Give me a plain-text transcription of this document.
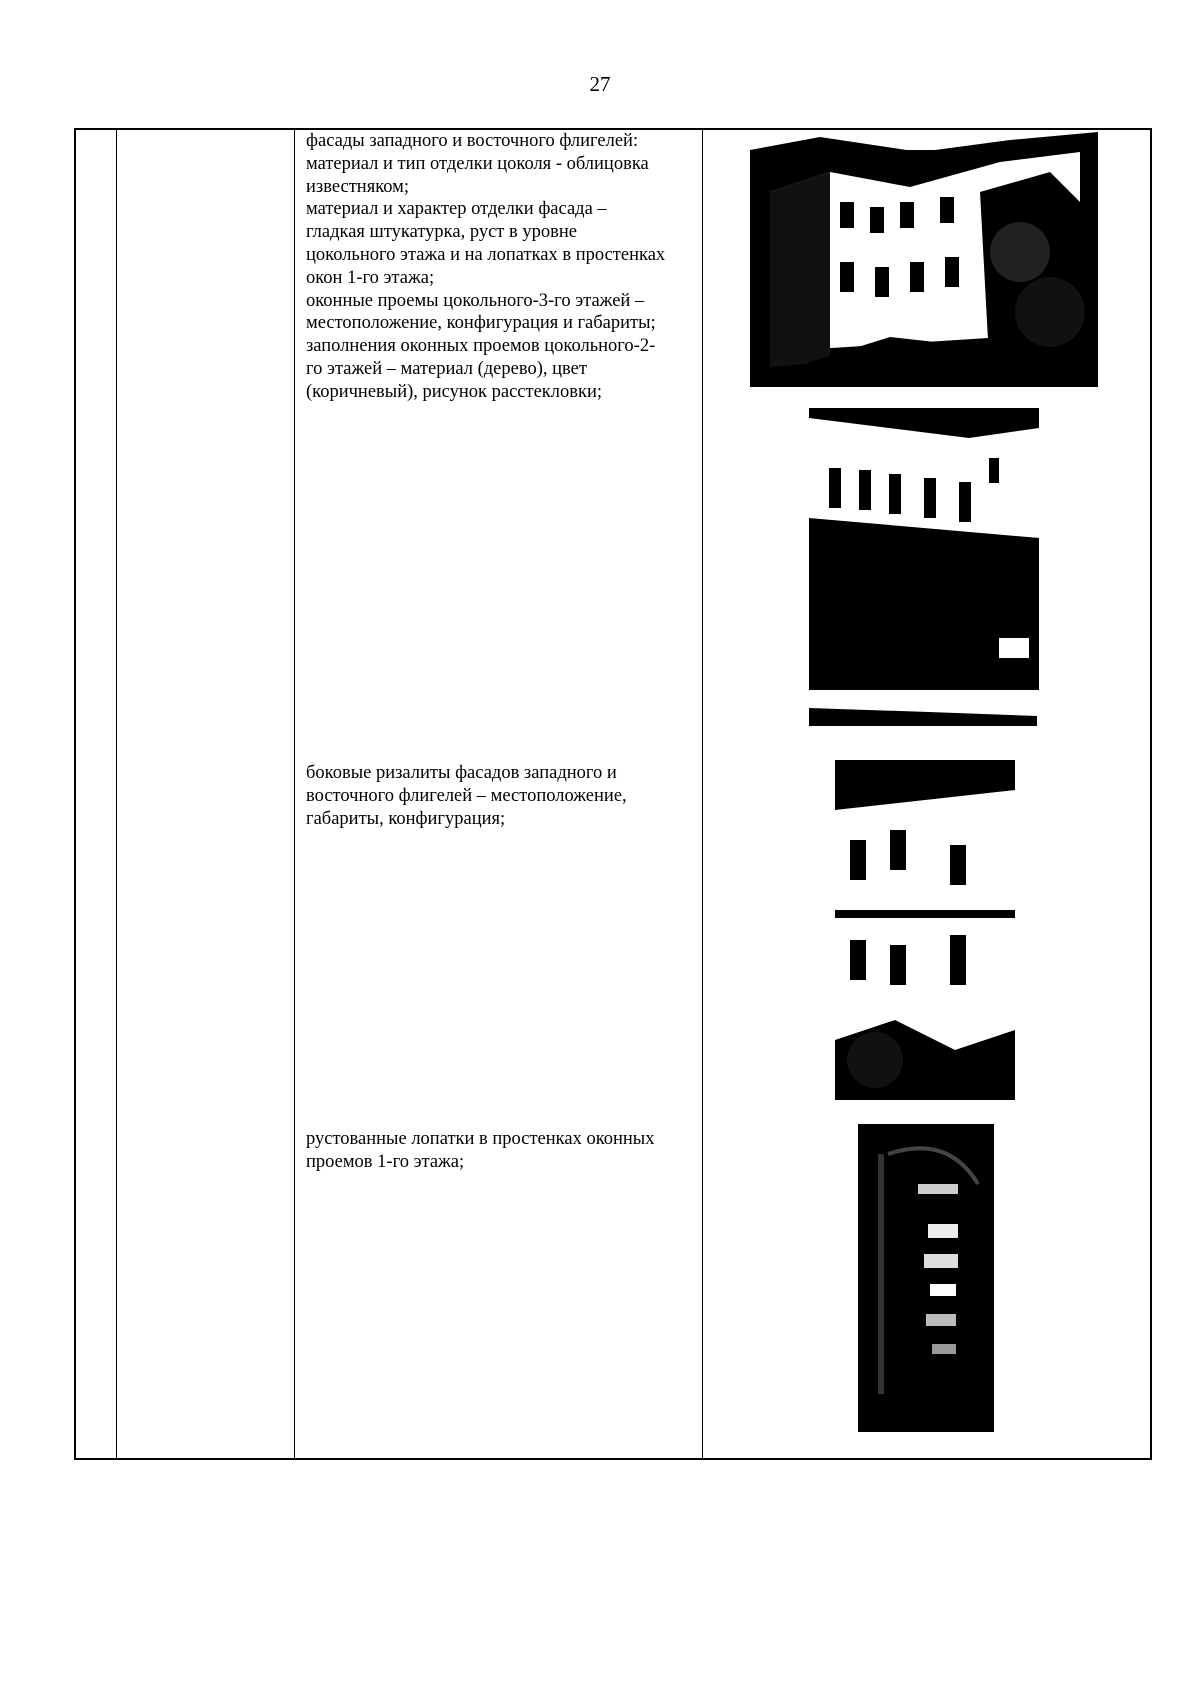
27
фасады западного и восточного флигелей:
материал и тип отделки цоколя - облицовка
известняком;
материал и характер отделки фасада –
гладкая штукатурка, руст в уровне
цокольного этажа и на лопатках в простенках
окон 1-го этажа;
оконные проемы цокольного-3-го этажей –
местоположение, конфигурация и габариты;
заполнения оконных проемов цокольного-2-
го этажей – материал (дерево), цвет
(коричневый), рисунок расстекловки;
боковые ризалиты фасадов западного и
восточного флигелей – местоположение,
габариты, конфигурация;
рустованные лопатки в простенках оконных
проемов 1-го этажа;
